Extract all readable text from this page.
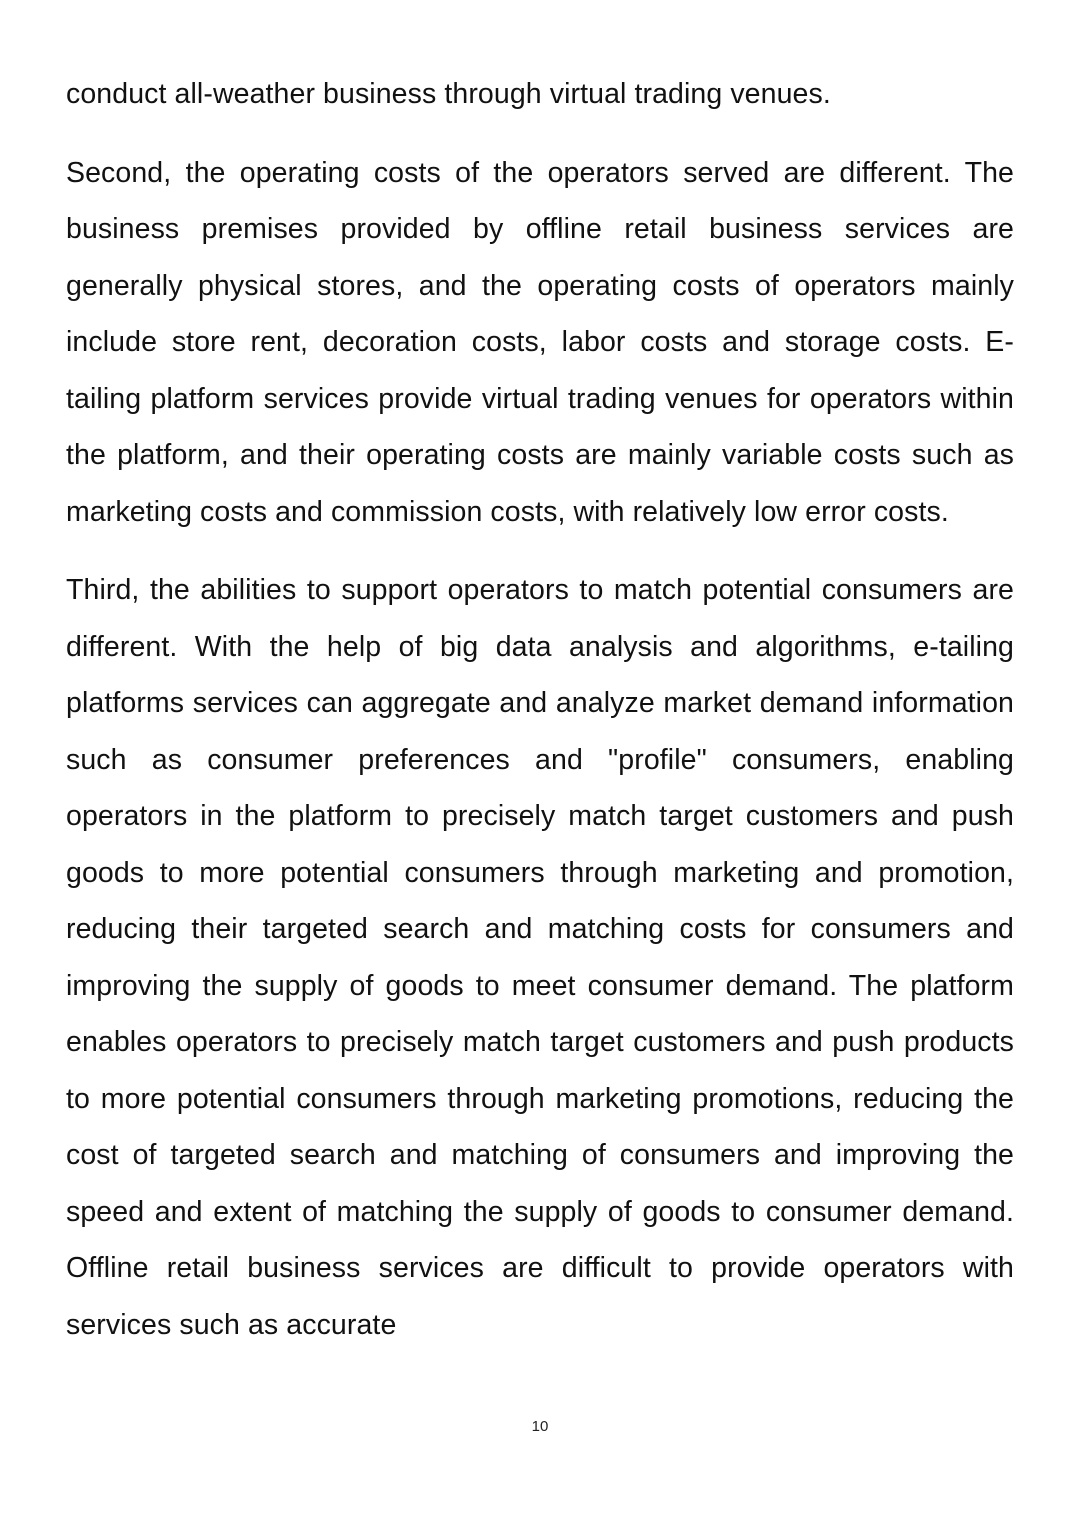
conduct all-weather business through virtual trading venues.

Second, the operating costs of the operators served are different. The business premises provided by offline retail business services are generally physical stores, and the operating costs of operators mainly include store rent, decoration costs, labor costs and storage costs. E-tailing platform services provide virtual trading venues for operators within the platform, and their operating costs are mainly variable costs such as marketing costs and commission costs, with relatively low error costs.

Third, the abilities to support operators to match potential consumers are different. With the help of big data analysis and algorithms, e-tailing platforms services can aggregate and analyze market demand information such as consumer preferences and "profile" consumers, enabling operators in the platform to precisely match target customers and push goods to more potential consumers through marketing and promotion, reducing their targeted search and matching costs for consumers and improving the supply of goods to meet consumer demand. The platform enables operators to precisely match target customers and push products to more potential consumers through marketing promotions, reducing the cost of targeted search and matching of consumers and improving the speed and extent of matching the supply of goods to consumer demand. Offline retail business services are difficult to provide operators with services such as accurate

10
